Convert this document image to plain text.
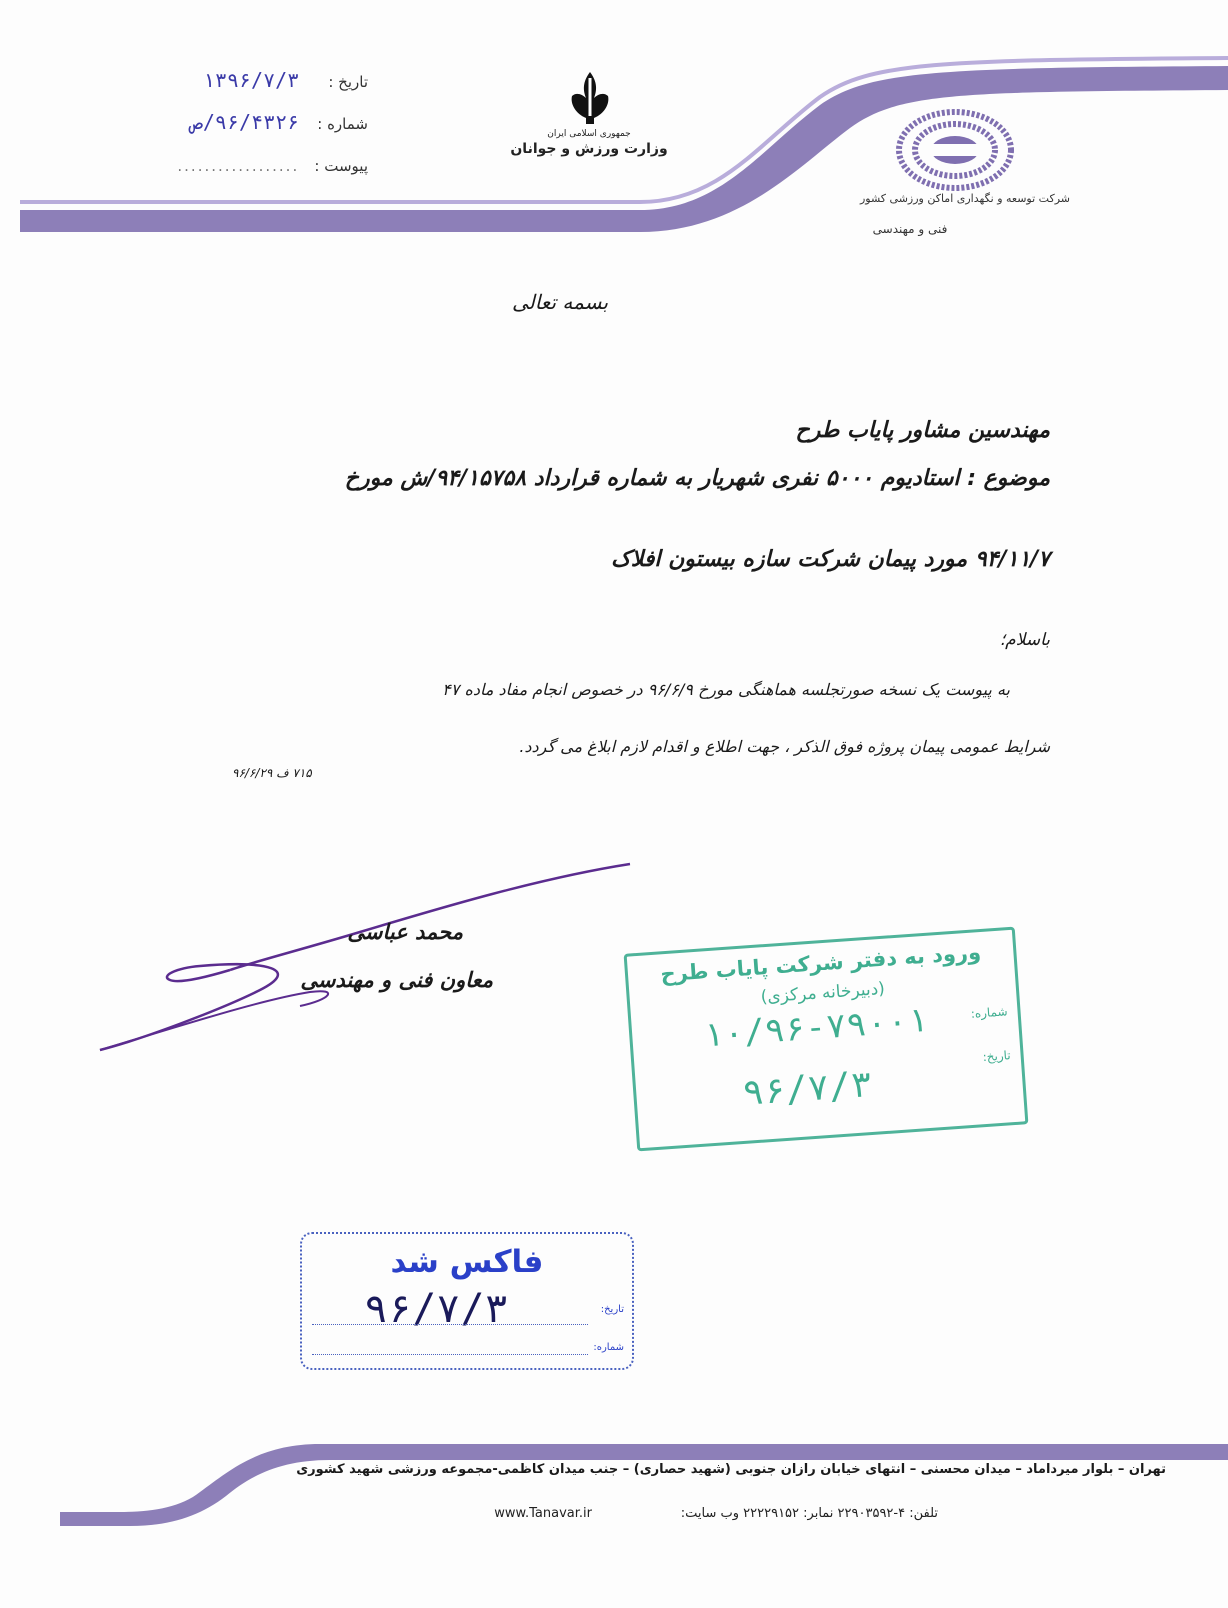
تاریخ : ۱۳۹۶/۷/۳
شماره : ۹۶/۴۳۲۶/ص
پیوست : ..................
جمهوری اسلامی ایران
وزارت ورزش و جوانان
شرکت توسعه و نگهداری اماکن ورزشی کشور
فنی و مهندسی
بسمه تعالی
مهندسین مشاور پایاب طرح
موضوع : استادیوم ۵۰۰۰ نفری شهریار به شماره قرارداد ۹۴/۱۵۷۵۸/ش مورخ
۹۴/۱۱/۷ مورد پیمان شرکت سازه بیستون افلاک
باسلام؛
به پیوست یک نسخه صورتجلسه هماهنگی مورخ ۹۶/۶/۹ در خصوص انجام مفاد ماده ۴۷
شرایط عمومی پیمان پروژه فوق الذکر ، جهت اطلاع و اقدام لازم ابلاغ می گردد.
۷۱۵ ف ۹۶/۶/۲۹
محمد عباسی
معاون فنی و مهندسی	ورود به دفتر شرکت پایاب طرح
(دبیرخانه مرکزی)
شماره:
۱۰/۹۶-۷۹۰۰۱
تاریخ:
۹۶/۷/۳
فاکس شد
۹۶/۷/۳	تاریخ:
شماره:
تهران – بلوار میرداماد – میدان محسنی – انتهای خیابان رازان جنوبی (شهید حصاری) – جنب میدان کاظمی-مجموعه ورزشی شهید کشوری
تلفن: ۴-۲۲۹۰۳۵۹۲ نمابر: ۲۲۲۲۹۱۵۲ وب سایت:
www.Tanavar.ir
